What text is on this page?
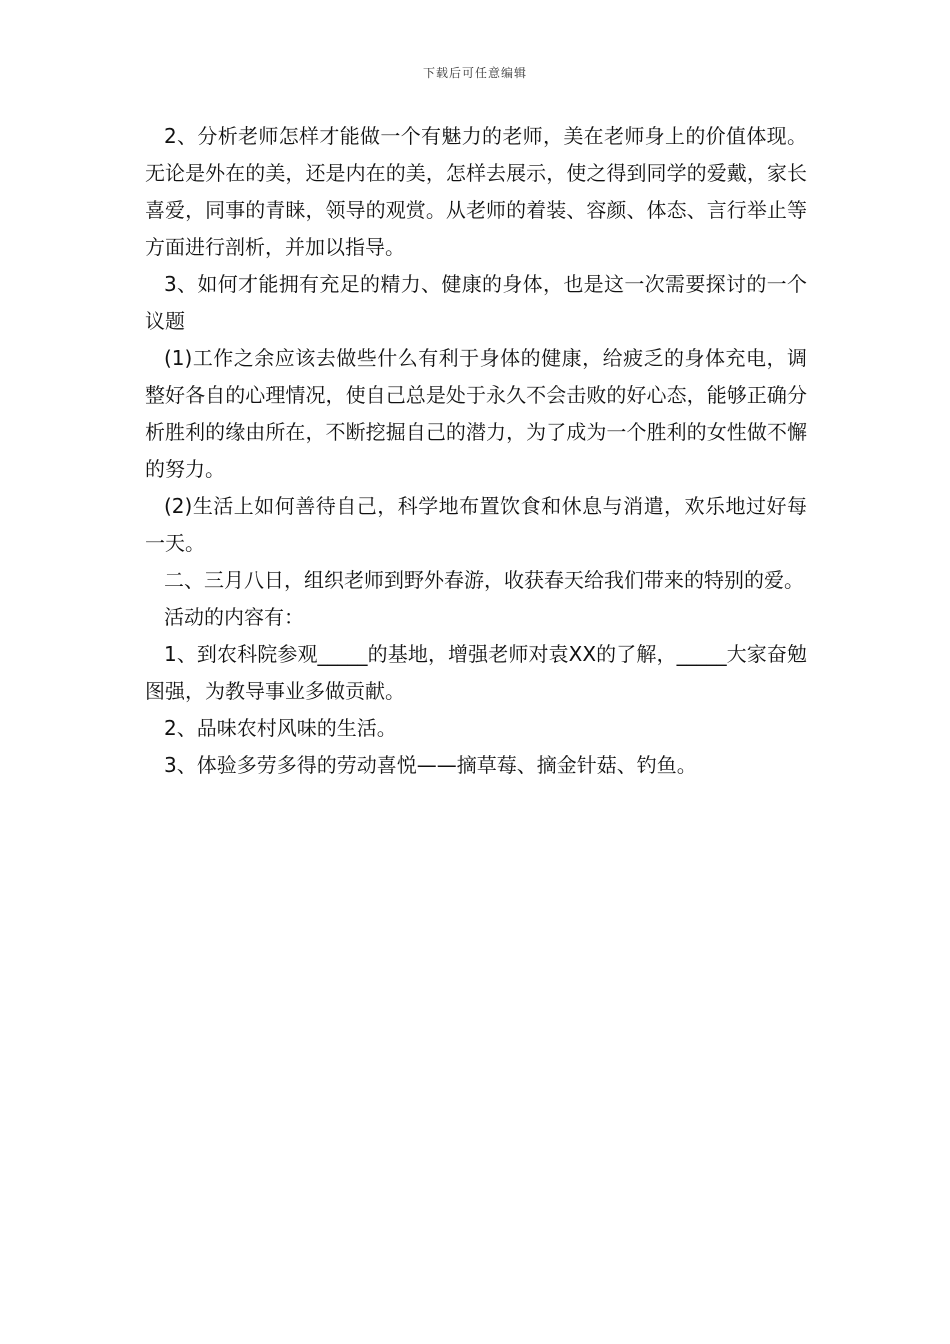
下载后可任意编辑

2、分析老师怎样才能做一个有魅力的老师，美在老师身上的价值体现。无论是外在的美，还是内在的美，怎样去展示，使之得到同学的爱戴，家长喜爱，同事的青睐，领导的观赏。从老师的着装、容颜、体态、言行举止等方面进行剖析，并加以指导。

3、如何才能拥有充足的精力、健康的身体，也是这一次需要探讨的一个议题

(1)工作之余应该去做些什么有利于身体的健康，给疲乏的身体充电，调整好各自的心理情况，使自己总是处于永久不会击败的好心态，能够正确分析胜利的缘由所在，不断挖掘自己的潜力，为了成为一个胜利的女性做不懈的努力。

(2)生活上如何善待自己，科学地布置饮食和休息与消遣，欢乐地过好每一天。

二、三月八日，组织老师到野外春游，收获春天给我们带来的特别的爱。

活动的内容有：

1、到农科院参观_____的基地，增强老师对袁XX的了解，_____大家奋勉图强，为教导事业多做贡献。

2、品味农村风味的生活。

3、体验多劳多得的劳动喜悦——摘草莓、摘金针菇、钓鱼。
